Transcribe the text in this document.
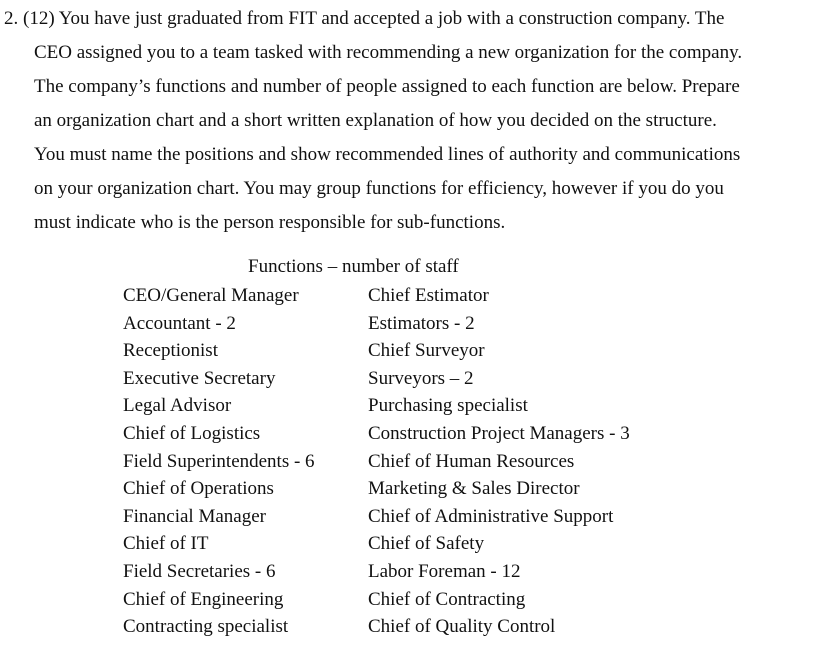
2. (12) You have just graduated from FIT and accepted a job with a construction company. The
CEO assigned you to a team tasked with recommending a new organization for the company.
The company’s functions and number of people assigned to each function are below. Prepare
an organization chart and a short written explanation of how you decided on the structure.
You must name the positions and show recommended lines of authority and communications
on your organization chart. You may group functions for efficiency, however if you do you
must indicate who is the person responsible for sub-functions.
Functions – number of staff
CEO/General Manager
Accountant - 2
Receptionist
Executive Secretary
Legal Advisor
Chief of Logistics
Field Superintendents - 6
Chief of Operations
Financial Manager
Chief of IT
Field Secretaries - 6
Chief of Engineering
Contracting specialist
Chief Estimator
Estimators - 2
Chief Surveyor
Surveyors – 2
Purchasing specialist
Construction Project Managers - 3
Chief of Human Resources
Marketing & Sales Director
Chief of Administrative Support
Chief of Safety
Labor Foreman - 12
Chief of Contracting
Chief of Quality Control
